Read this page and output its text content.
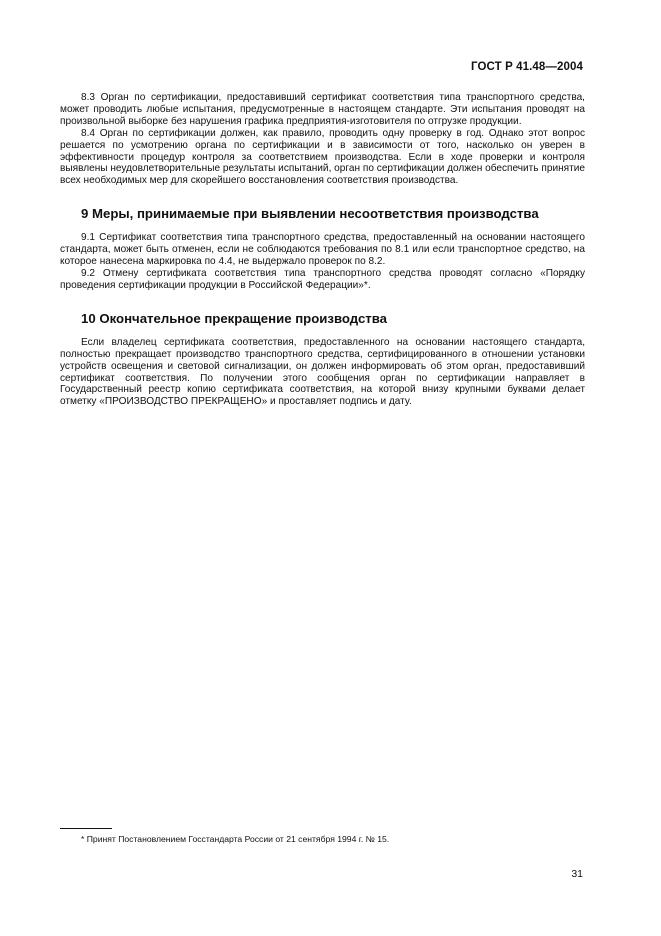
ГОСТ Р 41.48—2004

8.3 Орган по сертификации, предоставивший сертификат соответствия типа транспортного средства, может проводить любые испытания, предусмотренные в настоящем стандарте. Эти испытания проводят на произвольной выборке без нарушения графика предприятия-изготовителя по отгрузке продукции.

8.4 Орган по сертификации должен, как правило, проводить одну проверку в год. Однако этот вопрос решается по усмотрению органа по сертификации и в зависимости от того, насколько он уверен в эффективности процедур контроля за соответствием производства. Если в ходе проверки и контроля выявлены неудовлетворительные результаты испытаний, орган по сертификации должен обеспечить принятие всех необходимых мер для скорейшего восстановления соответствия производства.

9 Меры, принимаемые при выявлении несоответствия производства

9.1 Сертификат соответствия типа транспортного средства, предоставленный на основании настоящего стандарта, может быть отменен, если не соблюдаются требования по 8.1 или если транспортное средство, на которое нанесена маркировка по 4.4, не выдержало проверок по 8.2.

9.2 Отмену сертификата соответствия типа транспортного средства проводят согласно «Порядку проведения сертификации продукции в Российской Федерации»*.

10 Окончательное прекращение производства

Если владелец сертификата соответствия, предоставленного на основании настоящего стандарта, полностью прекращает производство транспортного средства, сертифицированного в отношении установки устройств освещения и световой сигнализации, он должен информировать об этом орган, предоставивший сертификат соответствия. По получении этого сообщения орган по сертификации направляет в Государственный реестр копию сертификата соответствия, на которой внизу крупными буквами делает отметку «ПРОИЗВОДСТВО ПРЕКРАЩЕНО» и проставляет подпись и дату.

* Принят Постановлением Госстандарта России от 21 сентября 1994 г. № 15.
31
